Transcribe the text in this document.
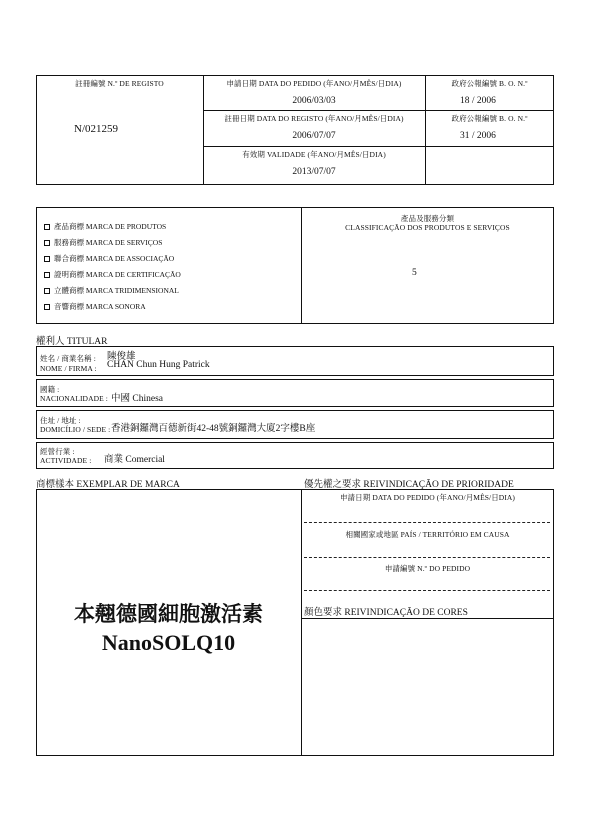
註冊編號 N.º DE REGISTO
N/021259
申請日期 DATA DO PEDIDO (年ANO/月MÊS/日DIA)
2006/03/03
政府公報編號 B. O. N.º
18 / 2006
註冊日期 DATA DO REGISTO (年ANO/月MÊS/日DIA)
2006/07/07
政府公報編號 B. O. N.º
31 / 2006
有效期 VALIDADE (年ANO/月MÊS/日DIA)
2013/07/07
產品商標 MARCA DE PRODUTOS
服務商標 MARCA DE SERVIÇOS
聯合商標 MARCA DE ASSOCIAÇÃO
證明商標 MARCA DE CERTIFICAÇÃO
立體商標 MARCA TRIDIMENSIONAL
音響商標 MARCA SONORA
產品及服務分類
CLASSIFICAÇÃO DOS PRODUTOS E SERVIÇOS
5
權利人 TITULAR
姓名 / 商業名稱 :
NOME / FIRMA :
陳俊雄
CHAN Chun Hung Patrick
國籍 :
NACIONALIDADE : 中國 Chinesa
住址 / 地址 :
DOMICÍLIO / SEDE : 香港銅鑼灣百德新街42-48號銅鑼灣大廈2字樓B座
經營行業 :
ACTIVIDADE : 商業 Comercial
商標樣本 EXEMPLAR DE MARCA	優先權之要求 REIVINDICAÇÃO DE PRIORIDADE
申請日期 DATA DO PEDIDO (年ANO/月MÊS/日DIA)
相關國家或地區 PAÍS / TERRITÓRIO EM CAUSA
申請編號 N.º DO PEDIDO
顏色要求 REIVINDICAÇÃO DE CORES
本翹德國細胞激活素
NanoSOLQ10
